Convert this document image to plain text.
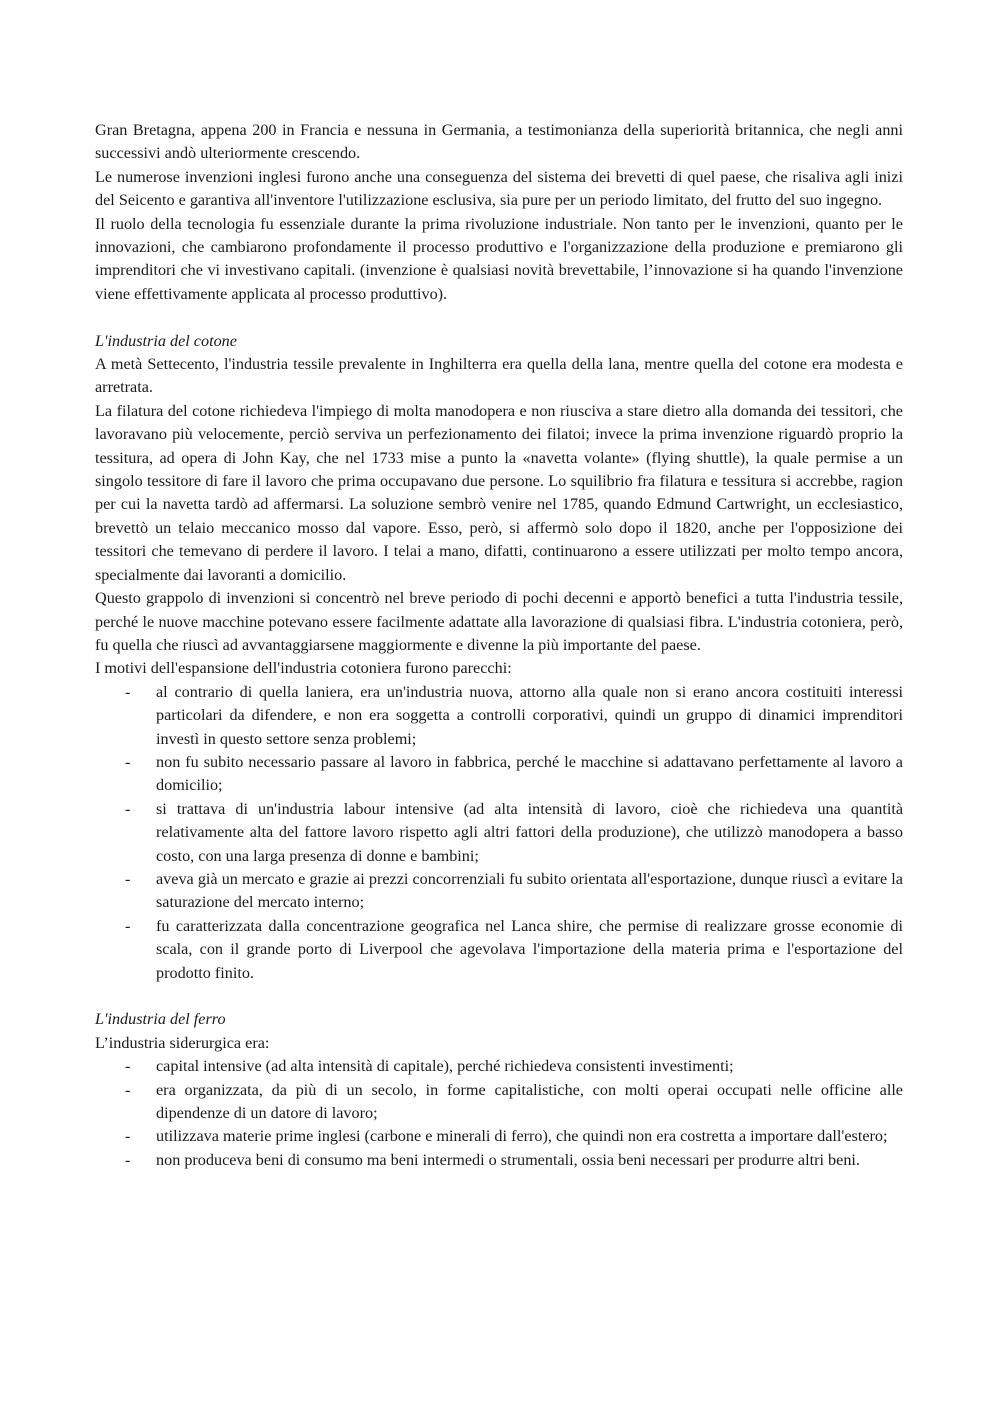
Gran Bretagna, appena 200 in Francia e nessuna in Germania, a testimonianza della superiorità britannica, che negli anni successivi andò ulteriormente crescendo.

Le numerose invenzioni inglesi furono anche una conseguenza del sistema dei brevetti di quel paese, che risaliva agli inizi del Seicento e garantiva all'inventore l'utilizzazione esclusiva, sia pure per un periodo limitato, del frutto del suo ingegno.

Il ruolo della tecnologia fu essenziale durante la prima rivoluzione industriale. Non tanto per le invenzioni, quanto per le innovazioni, che cambiarono profondamente il processo produttivo e l'organizzazione della produzione e premiarono gli imprenditori che vi investivano capitali. (invenzione è qualsiasi novità brevettabile, l’innovazione si ha quando l'invenzione viene effettivamente applicata al processo produttivo).

L'industria del cotone

A metà Settecento, l'industria tessile prevalente in Inghilterra era quella della lana, mentre quella del cotone era modesta e arretrata.

La filatura del cotone richiedeva l'impiego di molta manodopera e non riusciva a stare dietro alla domanda dei tessitori, che lavoravano più velocemente, perciò serviva un perfezionamento dei filatoi; invece la prima invenzione riguardò proprio la tessitura, ad opera di John Kay, che nel 1733 mise a punto la «navetta volante» (flying shuttle), la quale permise a un singolo tessitore di fare il lavoro che prima occupavano due persone. Lo squilibrio fra filatura e tessitura si accrebbe, ragion per cui la navetta tardò ad affermarsi. La soluzione sembrò venire nel 1785, quando Edmund Cartwright, un ecclesiastico, brevettò un telaio meccanico mosso dal vapore. Esso, però, si affermò solo dopo il 1820, anche per l'opposizione dei tessitori che temevano di perdere il lavoro. I telai a mano, difatti, continuarono a essere utilizzati per molto tempo ancora, specialmente dai lavoranti a domicilio.

Questo grappolo di invenzioni si concentrò nel breve periodo di pochi decenni e apportò benefici a tutta l'industria tessile, perché le nuove macchine potevano essere facilmente adattate alla lavorazione di qualsiasi fibra. L'industria cotoniera, però, fu quella che riuscì ad avvantaggiarsene maggiormente e divenne la più importante del paese.

I motivi dell'espansione dell'industria cotoniera furono parecchi:

- al contrario di quella laniera, era un'industria nuova, attorno alla quale non si erano ancora costituiti interessi particolari da difendere, e non era soggetta a controlli corporativi, quindi un gruppo di dinamici imprenditori investì in questo settore senza problemi;
- non fu subito necessario passare al lavoro in fabbrica, perché le macchine si adattavano perfettamente al lavoro a domicilio;
- si trattava di un'industria labour intensive (ad alta intensità di lavoro, cioè che richiedeva una quantità relativamente alta del fattore lavoro rispetto agli altri fattori della produzione), che utilizzò manodopera a basso costo, con una larga presenza di donne e bambini;
- aveva già un mercato e grazie ai prezzi concorrenziali fu subito orientata all'esportazione, dunque riuscì a evitare la saturazione del mercato interno;
- fu caratterizzata dalla concentrazione geografica nel Lanca shire, che permise di realizzare grosse economie di scala, con il grande porto di Liverpool che agevolava l'importazione della materia prima e l'esportazione del prodotto finito.

L'industria del ferro

L’industria siderurgica era:

- capital intensive (ad alta intensità di capitale), perché richiedeva consistenti investimenti;
- era organizzata, da più di un secolo, in forme capitalistiche, con molti operai occupati nelle officine alle dipendenze di un datore di lavoro;
- utilizzava materie prime inglesi (carbone e minerali di ferro), che quindi non era costretta a importare dall'estero;
- non produceva beni di consumo ma beni intermedi o strumentali, ossia beni necessari per produrre altri beni.
